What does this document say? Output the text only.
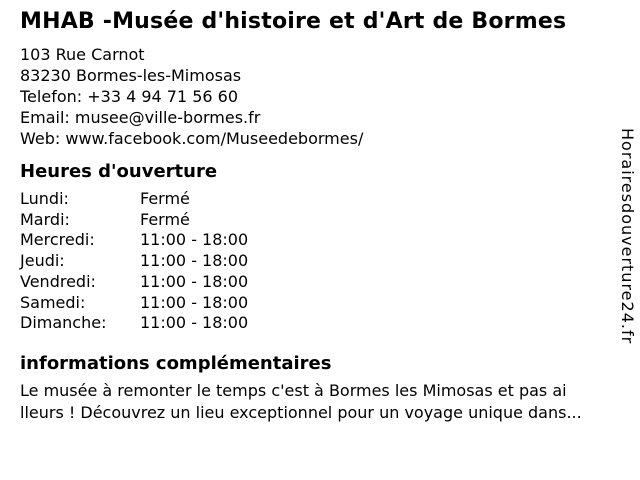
MHAB -Musée d'histoire et d'Art de Bormes
103 Rue Carnot
83230 Bormes-les-Mimosas
Telefon: +33 4 94 71 56 60
Email: musee@ville-bormes.fr
Web: www.facebook.com/Museedebormes/
Heures d'ouverture
Lundi:	Fermé
Mardi:	Fermé
Mercredi:	11:00 - 18:00
Jeudi:	11:00 - 18:00
Vendredi:	11:00 - 18:00
Samedi:	11:00 - 18:00
Dimanche:	11:00 - 18:00
informations complémentaires
Le musée à remonter le temps c'est à Bormes les Mimosas et pas ai
lleurs ! Découvrez un lieu exceptionnel pour un voyage unique dans...
Horairesdouverture24.fr
